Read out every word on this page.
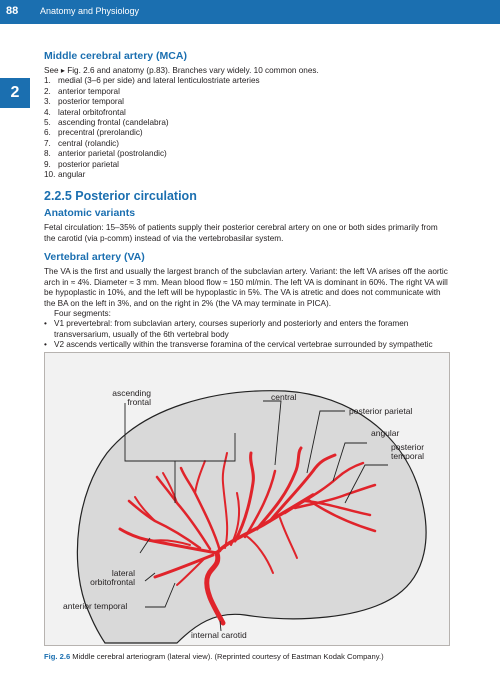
88 Anatomy and Physiology
2
Middle cerebral artery (MCA)

See ▸ Fig. 2.6 and anatomy (p.83). Branches vary widely. 10 common ones.

1. medial (3–6 per side) and lateral lenticulostriate arteries
2. anterior temporal
3. posterior temporal
4. lateral orbitofrontal
5. ascending frontal (candelabra)
6. precentral (prerolandic)
7. central (rolandic)
8. anterior parietal (postrolandic)
9. posterior parietal
10. angular
2.2.5 Posterior circulation
Anatomic variants

Fetal circulation: 15–35% of patients supply their posterior cerebral artery on one or both sides primarily from the carotid (via p-comm) instead of via the vertebrobasilar system.

Vertebral artery (VA)

The VA is the first and usually the largest branch of the subclavian artery. Variant: the left VA arises off the aortic arch in ≈ 4%. Diameter ≈ 3 mm. Mean blood flow ≈ 150 ml/min. The left VA is dominant in 60%. The right VA will be hypoplastic in 10%, and the left will be hypoplastic in 5%. The VA is atretic and does not communicate with the BA on the left in 3%, and on the right in 2% (the VA may terminate in PICA).

Four segments:

• V1 prevertebral: from subclavian artery, courses superiorly and posteriorly and enters the foramen transversarium, usually of the 6th vertebral body
• V2 ascends vertically within the transverse foramina of the cervical vertebrae surrounded by sympathetic
ascending frontal	central
posterior parietal
angular
posterior temporal
lateral orbitofrontal
anterior temporal
internal carotid
Fig. 2.6 Middle cerebral arteriogram (lateral view). (Reprinted courtesy of Eastman Kodak Company.)
